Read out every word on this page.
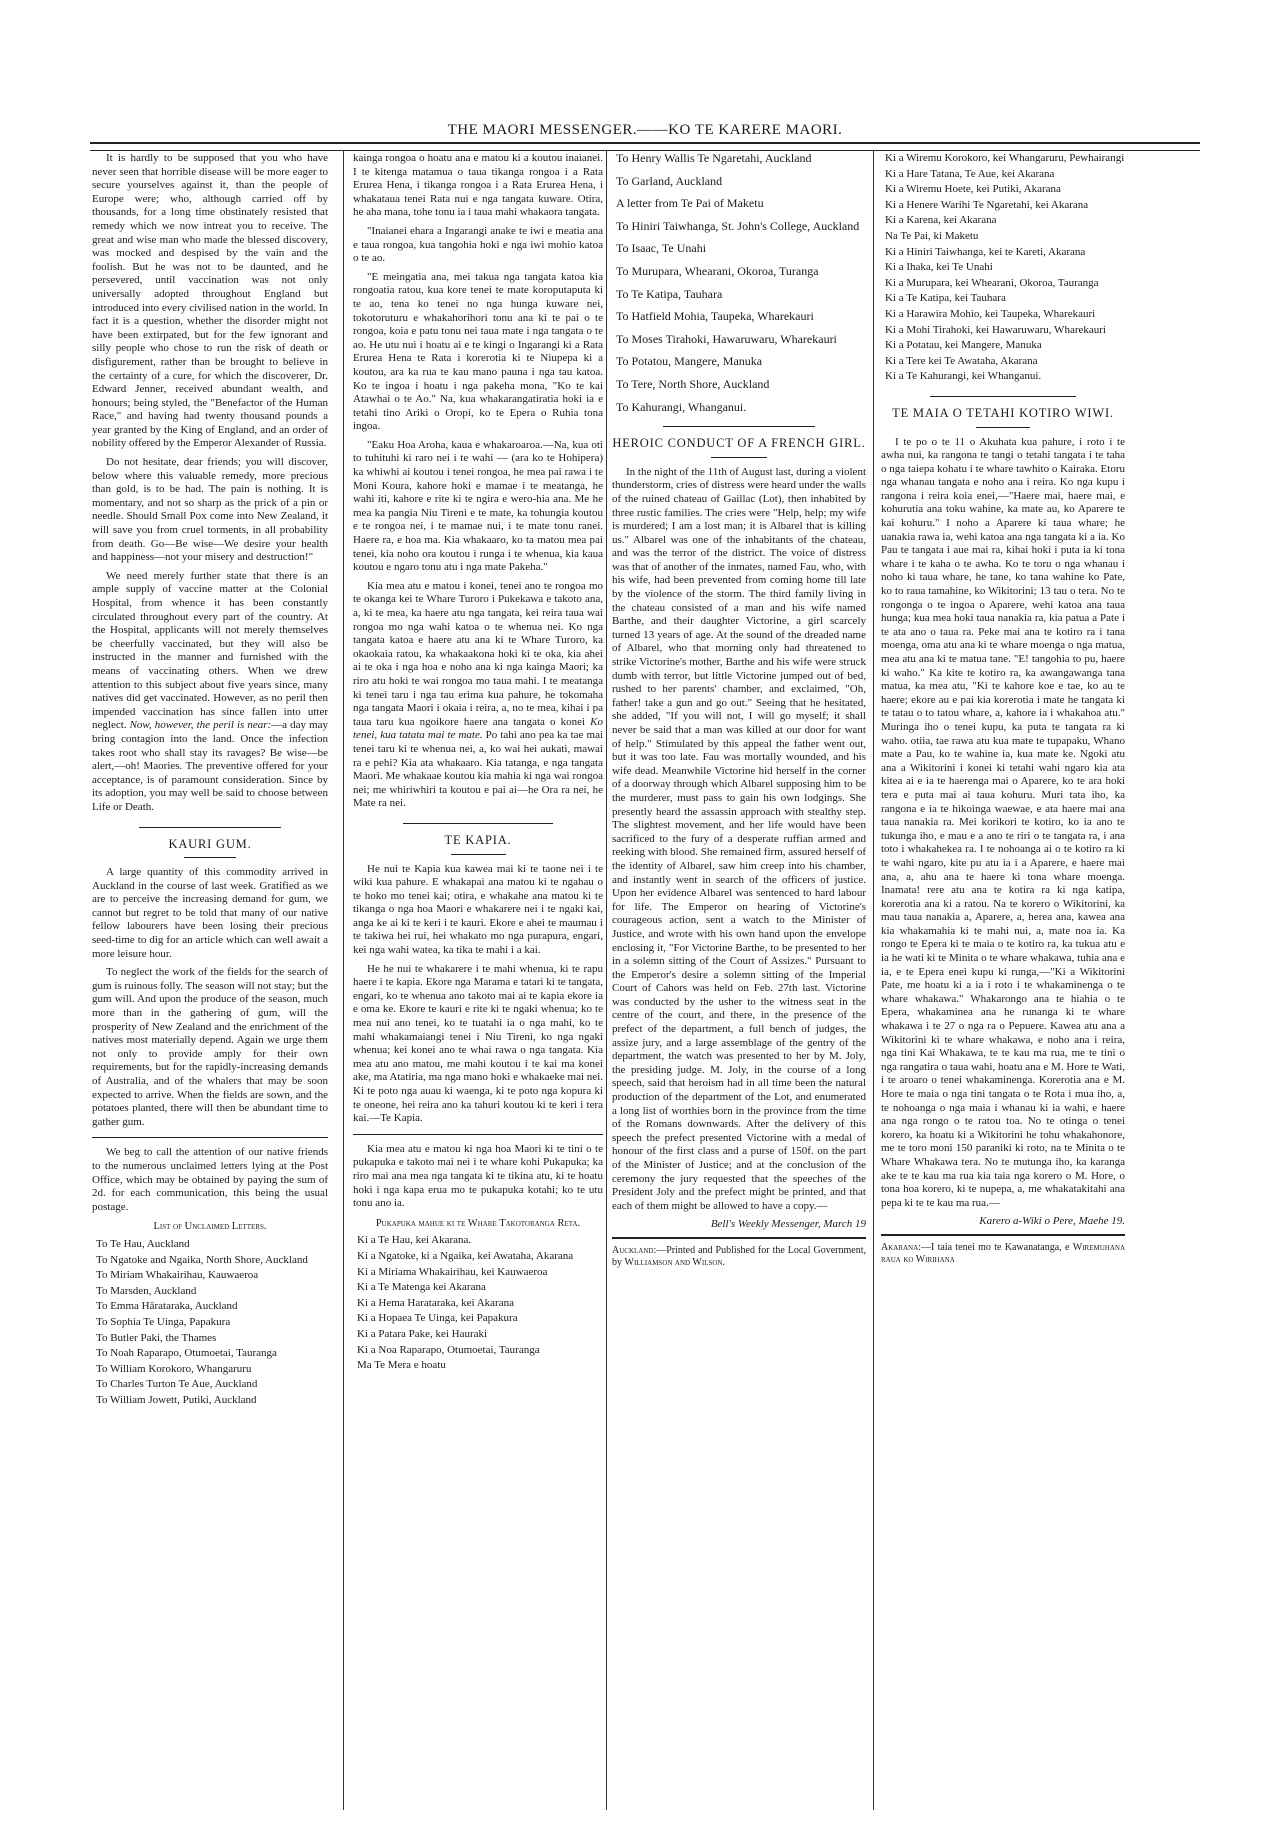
THE MAORI MESSENGER.——KO TE KARERE MAORI.

It is hardly to be supposed that you who have never seen that horrible disease will be more eager to secure yourselves against it, than the people of Europe were; who, although carried off by thousands, for a long time obstinately resisted that remedy which we now intreat you to receive. The great and wise man who made the blessed discovery, was mocked and despised by the vain and the foolish. But he was not to be daunted, and he persevered, until vaccination was not only universally adopted throughout England but introduced into every civilised nation in the world. In fact it is a question, whether the disorder might not have been extirpated, but for the few ignorant and silly people who chose to run the risk of death or disfigurement, rather than be brought to believe in the certainty of a cure, for which the discoverer, Dr. Edward Jenner, received abundant wealth, and honours; being styled, the "Benefactor of the Human Race," and having had twenty thousand pounds a year granted by the King of England, and an order of nobility offered by the Emperor Alexander of Russia.

Do not hesitate, dear friends; you will discover, below where this valuable remedy, more precious than gold, is to be had. The pain is nothing. It is momentary, and not so sharp as the prick of a pin or needle. Should Small Pox come into New Zealand, it will save you from cruel torments, in all probability from death. Go—Be wise—We desire your health and happiness—not your misery and destruction!"

We need merely further state that there is an ample supply of vaccine matter at the Colonial Hospital, from whence it has been constantly circulated throughout every part of the country. At the Hospital, applicants will not merely themselves be cheerfully vaccinated, but they will also be instructed in the manner and furnished with the means of vaccinating others. When we drew attention to this subject about five years since, many natives did get vaccinated. However, as no peril then impended vaccination has since fallen into utter neglect. Now, however, the peril is near:—a day may bring contagion into the land. Once the infection takes root who shall stay its ravages? Be wise—be alert,—oh! Maories. The preventive offered for your acceptance, is of paramount consideration. Since by its adoption, you may well be said to choose between Life or Death.

KAURI GUM.

A large quantity of this commodity arrived in Auckland in the course of last week. Gratified as we are to perceive the increasing demand for gum, we cannot but regret to be told that many of our native fellow labourers have been losing their precious seed-time to dig for an article which can well await a more leisure hour.

To neglect the work of the fields for the search of gum is ruinous folly. The season will not stay; but the gum will. And upon the produce of the season, much more than in the gathering of gum, will the prosperity of New Zealand and the enrichment of the natives most materially depend. Again we urge them not only to provide amply for their own requirements, but for the rapidly-increasing demands of Australia, and of the whalers that may be soon expected to arrive. When the fields are sown, and the potatoes planted, there will then be abundant time to gather gum.

We beg to call the attention of our native friends to the numerous unclaimed letters lying at the Post Office, which may be obtained by paying the sum of 2d. for each communication, this being the usual postage.

List of Unclaimed Letters.
To Te Hau, Auckland
To Ngatoke and Ngaika, North Shore, Auckland
To Miriam Whakairihau, Kauwaeroa
To Marsden, Auckland
To Emma Hārataraka, Auckland
To Sophia Te Uinga, Papakura
To Butler Paki, the Thames
To Noah Raparapo, Otumoetai, Tauranga
To William Korokoro, Whangaruru
To Charles Turton Te Aue, Auckland
To William Jowett, Putiki, Auckland

kainga rongoa o hoatu ana e matou ki a koutou inaianei. I te kitenga matamua o taua tikanga rongoa i a Rata Erurea Hena, i tikanga rongoa i a Rata Erurea Hena, i whakataua tenei Rata nui e nga tangata kuware. Otira, he aha mana, tohe tonu ia i taua mahi whakaora tangata.

"Inaianei ehara a Ingarangi anake te iwi e meatia ana e taua rongoa, kua tangohia hoki e nga iwi mohio katoa o te ao.

"E meingatia ana, mei takua nga tangata katoa kia rongoatia ratou, kua kore tenei te mate koroputaputa ki te ao, tena ko tenei no nga hunga kuware nei, tokotoruturu e whakahorihori tonu ana ki te pai o te rongoa, koia e patu tonu nei taua mate i nga tangata o te ao. He utu nui i hoatu ai e te kingi o Ingarangi ki a Rata Erurea Hena te Rata i korerotia ki te Niupepa ki a koutou, ara ka rua te kau mano pauna i nga tau katoa. Ko te ingoa i hoatu i nga pakeha mona, "Ko te kai Atawhai o te Ao." Na, kua whakarangatiratia hoki ia e tetahi tino Ariki o Oropi, ko te Epera o Ruhia tona ingoa.

"Eaku Hoa Aroha, kaua e whakaroaroa.—Na, kua oti to tuhituhi ki raro nei i te wahi — (ara ko te Hohipera) ka whiwhi ai koutou i tenei rongoa, he mea pai rawa i te Moni Koura, kahore hoki e mamae i te meatanga, he wahi iti, kahore e rite ki te ngira e wero-hia ana. Me he mea ka pangia Niu Tireni e te mate, ka tohungia koutou e te rongoa nei, i te mamae nui, i te mate tonu ranei. Haere ra, e hoa ma. Kia whakaaro, ko ta matou mea pai tenei, kia noho ora koutou i runga i te whenua, kia kaua koutou e ngaro tonu atu i nga mate Pakeha."

Kia mea atu e matou i konei, tenei ano te rongoa mo te okanga kei te Whare Turoro i Pukekawa e takoto ana, a, ki te mea, ka haere atu nga tangata, kei reira taua wai rongoa mo nga wahi katoa o te whenua nei. Ko nga tangata katoa e haere atu ana ki te Whare Turoro, ka okaokaia ratou, ka whakaakona hoki ki te oka, kia ahei ai te oka i nga hoa e noho ana ki nga kainga Maori; ka riro atu hoki te wai rongoa mo taua mahi. I te meatanga ki tenei taru i nga tau erima kua pahure, he tokomaha nga tangata Maori i okaia i reira, a, no te mea, kihai i pa taua taru kua ngoikore haere ana tangata o konei Ko tenei, kua tatata mai te mate. Po tahi ano pea ka tae mai tenei taru ki te whenua nei, a, ko wai hei aukati, mawai ra e pehi? Kia ata whakaaro. Kia tatanga, e nga tangata Maori. Me whakaae koutou kia mahia ki nga wai rongoa nei; me whiriwhiri ta koutou e pai ai—he Ora ra nei, he Mate ra nei.

TE KAPIA.

He nui te Kapia kua kawea mai ki te taone nei i te wiki kua pahure. E whakapai ana matou ki te ngahau o te hoko mo tenei kai; otira, e whakahe ana matou ki te tikanga o nga hoa Maori e whakarere nei i te ngaki kai, anga ke ai ki te keri i te kauri. Ekore e ahei te maumau i te takiwa hei rui, hei whakato mo nga purapura, engari, kei nga wahi watea, ka tika te mahi i a kai.

He he nui te whakarere i te mahi whenua, ki te rapu haere i te kapia. Ekore nga Marama e tatari ki te tangata, engari, ko te whenua ano takoto mai ai te kapia ekore ia e oma ke. Ekore te kauri e rite ki te ngaki whenua; ko te mea nui ano tenei, ko te tuatahi ia o nga mahi, ko te mahi whakamaiangi tenei i Niu Tireni, ko nga ngaki whenua; kei konei ano te whai rawa o nga tangata. Kia mea atu ano matou, me mahi koutou i te kai ma konei ake, ma Atatiria, ma nga mano hoki e whakaeke mai nei. Ki te poto nga auau ki waenga, ki te poto nga kopura ki te oneone, hei reira ano ka tahuri koutou ki te keri i tera kai.—Te Kapia.

Kia mea atu e matou ki nga hoa Maori ki te tini o te pukapuka e takoto mai nei i te whare kohi Pukapuka; ka riro mai ana mea nga tangata ki te tikina atu, ki te hoatu hoki i nga kapa erua mo te pukapuka kotahi; ko te utu tonu ano ia.

Pukapuka mahue ki te Whare Takotoranga Reta.
Ki a Te Hau, kei Akarana.
Ki a Ngatoke, ki a Ngaika, kei Awataha, Akarana
Ki a Miriama Whakairihau, kei Kauwaeroa
Ki a Te Matenga kei Akarana
Ki a Hema Harataraka, kei Akarana
Ki a Hopaea Te Uinga, kei Papakura
Ki a Patara Pake, kei Hauraki
Ki a Noa Raparapo, Otumoetai, Tauranga
Ma Te Mera e hoatu
To Henry Wallis Te Ngaretahi, Auckland
To Garland, Auckland
A letter from Te Pai of Maketu
To Hiniri Taiwhanga, St. John's College, Auckland
To Isaac, Te Unahi
To Murupara, Whearani, Okoroa, Turanga
To Te Katipa, Tauhara
To Hatfield Mohia, Taupeka, Wharekauri
To Moses Tirahoki, Hawaruwaru, Wharekauri
To Potatou, Mangere, Manuka
To Tere, North Shore, Auckland
To Kahurangi, Whanganui.
HEROIC CONDUCT OF A FRENCH GIRL.

In the night of the 11th of August last, during a violent thunderstorm, cries of distress were heard under the walls of the ruined chateau of Gaillac (Lot), then inhabited by three rustic families. The cries were "Help, help; my wife is murdered; I am a lost man; it is Albarel that is killing us." Albarel was one of the inhabitants of the chateau, and was the terror of the district. The voice of distress was that of another of the inmates, named Fau, who, with his wife, had been prevented from coming home till late by the violence of the storm. The third family living in the chateau consisted of a man and his wife named Barthe, and their daughter Victorine, a girl scarcely turned 13 years of age. At the sound of the dreaded name of Albarel, who that morning only had threatened to strike Victorine's mother, Barthe and his wife were struck dumb with terror, but little Victorine jumped out of bed, rushed to her parents' chamber, and exclaimed, "Oh, father! take a gun and go out." Seeing that he hesitated, she added, "If you will not, I will go myself; it shall never be said that a man was killed at our door for want of help." Stimulated by this appeal the father went out, but it was too late. Fau was mortally wounded, and his wife dead. Meanwhile Victorine hid herself in the corner of a doorway through which Albarel supposing him to be the murderer, must pass to gain his own lodgings. She presently heard the assassin approach with stealthy step. The slightest movement, and her life would have been sacrificed to the fury of a desperate ruffian armed and reeking with blood. She remained firm, assured herself of the identity of Albarel, saw him creep into his chamber, and instantly went in search of the officers of justice. Upon her evidence Albarel was sentenced to hard labour for life. The Emperor on hearing of Victorine's courageous action, sent a watch to the Minister of Justice, and wrote with his own hand upon the envelope enclosing it, "For Victorine Barthe, to be presented to her in a solemn sitting of the Court of Assizes." Pursuant to the Emperor's desire a solemn sitting of the Imperial Court of Cahors was held on Feb. 27th last. Victorine was conducted by the usher to the witness seat in the centre of the court, and there, in the presence of the prefect of the department, a full bench of judges, the assize jury, and a large assemblage of the gentry of the department, the watch was presented to her by M. Joly, the presiding judge. M. Joly, in the course of a long speech, said that heroism had in all time been the natural production of the department of the Lot, and enumerated a long list of worthies born in the province from the time of the Romans downwards. After the delivery of this speech the prefect presented Victorine with a medal of honour of the first class and a purse of 150f. on the part of the Minister of Justice; and at the conclusion of the ceremony the jury requested that the speeches of the President Joly and the prefect might be printed, and that each of them might be allowed to have a copy.—

Bell's Weekly Messenger, March 19

Auckland:—Printed and Published for the Local Government, by Williamson and Wilson.

Ki a Wiremu Korokoro, kei Whangaruru, Pewhairangi
Ki a Hare Tatana, Te Aue, kei Akarana
Ki a Wiremu Hoete, kei Putiki, Akarana
Ki a Henere Warihi Te Ngaretahi, kei Akarana
Ki a Karena, kei Akarana
Na Te Pai, ki Maketu
Ki a Hiniri Taiwhanga, kei te Kareti, Akarana
Ki a Ihaka, kei Te Unahi
Ki a Murupara, kei Whearani, Okoroa, Tauranga
Ki a Te Katipa, kei Tauhara
Ki a Harawira Mohio, kei Taupeka, Wharekauri
Ki a Mohi Tirahoki, kei Hawaruwaru, Wharekauri
Ki a Potatau, kei Mangere, Manuka
Ki a Tere kei Te Awataha, Akarana
Ki a Te Kahurangi, kei Whanganui.
TE MAIA O TETAHI KOTIRO WIWI.

I te po o te 11 o Akuhata kua pahure, i roto i te awha nui, ka rangona te tangi o tetahi tangata i te taha o nga taiepa kohatu i te whare tawhito o Kairaka. Etoru nga whanau tangata e noho ana i reira. Ko nga kupu i rangona i reira koia enei,—"Haere mai, haere mai, e kohurutia ana toku wahine, ka mate au, ko Aparere te kai kohuru." I noho a Aparere ki taua whare; he uanakia rawa ia, wehi katoa ana nga tangata ki a ia. Ko Pau te tangata i aue mai ra, kihai hoki i puta ia ki tona whare i te kaha o te awha. Ko te toru o nga whanau i noho ki taua whare, he tane, ko tana wahine ko Pate, ko to raua tamahine, ko Wikitorini; 13 tau o tera. No te rongonga o te ingoa o Aparere, wehi katoa ana taua hunga; kua mea hoki taua nanakia ra, kia patua a Pate i te ata ano o taua ra. Peke mai ana te kotiro ra i tana moenga, oma atu ana ki te whare moenga o nga matua, mea atu ana ki te matua tane. "E! tangohia to pu, haere ki waho." Ka kite te kotiro ra, ka awangawanga tana matua, ka mea atu, "Ki te kahore koe e tae, ko au te haere; ekore au e pai kia korerotia i mate he tangata ki te tatau o to tatou whare, a, kahore ia i whakahoa atu." Muringa iho o tenei kupu, ka puta te tangata ra ki waho. otiia, tae rawa atu kua mate te tupapaku, Whano mate a Pau, ko te wahine ia, kua mate ke. Ngoki atu ana a Wikitorini i konei ki tetahi wahi ngaro kia ata kitea ai e ia te haerenga mai o Aparere, ko te ara hoki tera e puta mai ai taua kohuru. Muri tata iho, ka rangona e ia te hikoinga waewae, e ata haere mai ana taua nanakia ra. Mei korikori te kotiro, ko ia ano te tukunga iho, e mau e a ano te riri o te tangata ra, i ana toto i whakahekea ra. I te nohoanga ai o te kotiro ra ki te wahi ngaro, kite pu atu ia i a Aparere, e haere mai ana, a, ahu ana te haere ki tona whare moenga. Inamata! rere atu ana te kotira ra ki nga katipa, korerotia ana ki a ratou. Na te korero o Wikitorini, ka mau taua nanakia a, Aparere, a, herea ana, kawea ana kia whakamahia ki te mahi nui, a, mate noa ia. Ka rongo te Epera ki te maia o te kotiro ra, ka tukua atu e ia he wati ki te Minita o te whare whakawa, tuhia ana e ia, e te Epera enei kupu ki runga,—"Ki a Wikitorini Pate, me hoatu ki a ia i roto i te whakaminenga o te whare whakawa." Whakarongo ana te hiahia o te Epera, whakaminea ana he runanga ki te whare whakawa i te 27 o nga ra o Pepuere. Kawea atu ana a Wikitorini ki te whare whakawa, e noho ana i reira, nga tini Kai Whakawa, te te kau ma rua, me te tini o nga rangatira o taua wahi, hoatu ana e M. Hore te Wati, i te aroaro o tenei whakaminenga. Korerotia ana e M. Hore te maia o nga tini tangata o te Rota i mua iho, a, te nohoanga o nga maia i whanau ki ia wahi, e haere ana nga rongo o te ratou toa. No te otinga o tenei korero, ka hoatu ki a Wikitorini he tohu whakahonore, me te toro moni 150 paraniki ki roto, na te Minita o te Whare Whakawa tera. No te mutunga iho, ka karanga ake te te kau ma rua kia taia nga korero o M. Hore, o tona hoa korero, ki te nupepa, a, me whakatakitahi ana pepa ki te te kau ma rua.—

Karero a-Wiki o Pere, Maehe 19.

Akarana:—I taia tenei mo te Kawanatanga, e Wiremuhana raua ko Wirihana
